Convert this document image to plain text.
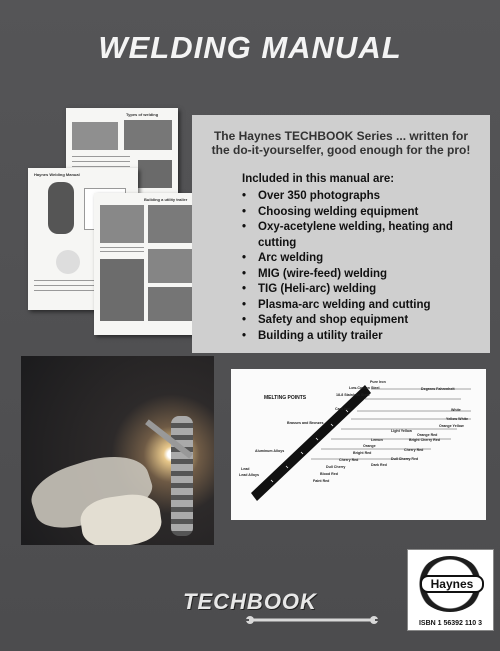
WELDING MANUAL
Types of welding
Haynes Welding Manual
Building a utility trailer
The Haynes TECHBOOK Series ... written for the do-it-yourselfer, good enough for the pro!
Included in this manual are:
• Over 350 photographs
• Choosing welding equipment
• Oxy-acetylene welding, heating and cutting
• Arc welding
• MIG (wire-feed) welding
• TIG (Heli-arc) welding
• Plasma-arc welding and cutting
• Safety and shop equipment
• Building a utility trailer
MELTING POINTS
Pure Iron
Low-Carbon Steel	Degrees Fahrenheit
18-8 Stainless Steel
Cast Iron	White
Yellow White
Brasses and Bronzes
Orange Yellow
Light Yellow
Orange Red
Lemon	Bright Cherry Red
Orange
Cherry Red
Bright Red
Dull Cherry Red
Aluminum Alloys
Cherry Red
Dark Red
Dull Cherry
Blood Red
Lead
Faint Red
Lead Alloys
Haynes
ISBN 1 56392 110 3
TECHBOOK
